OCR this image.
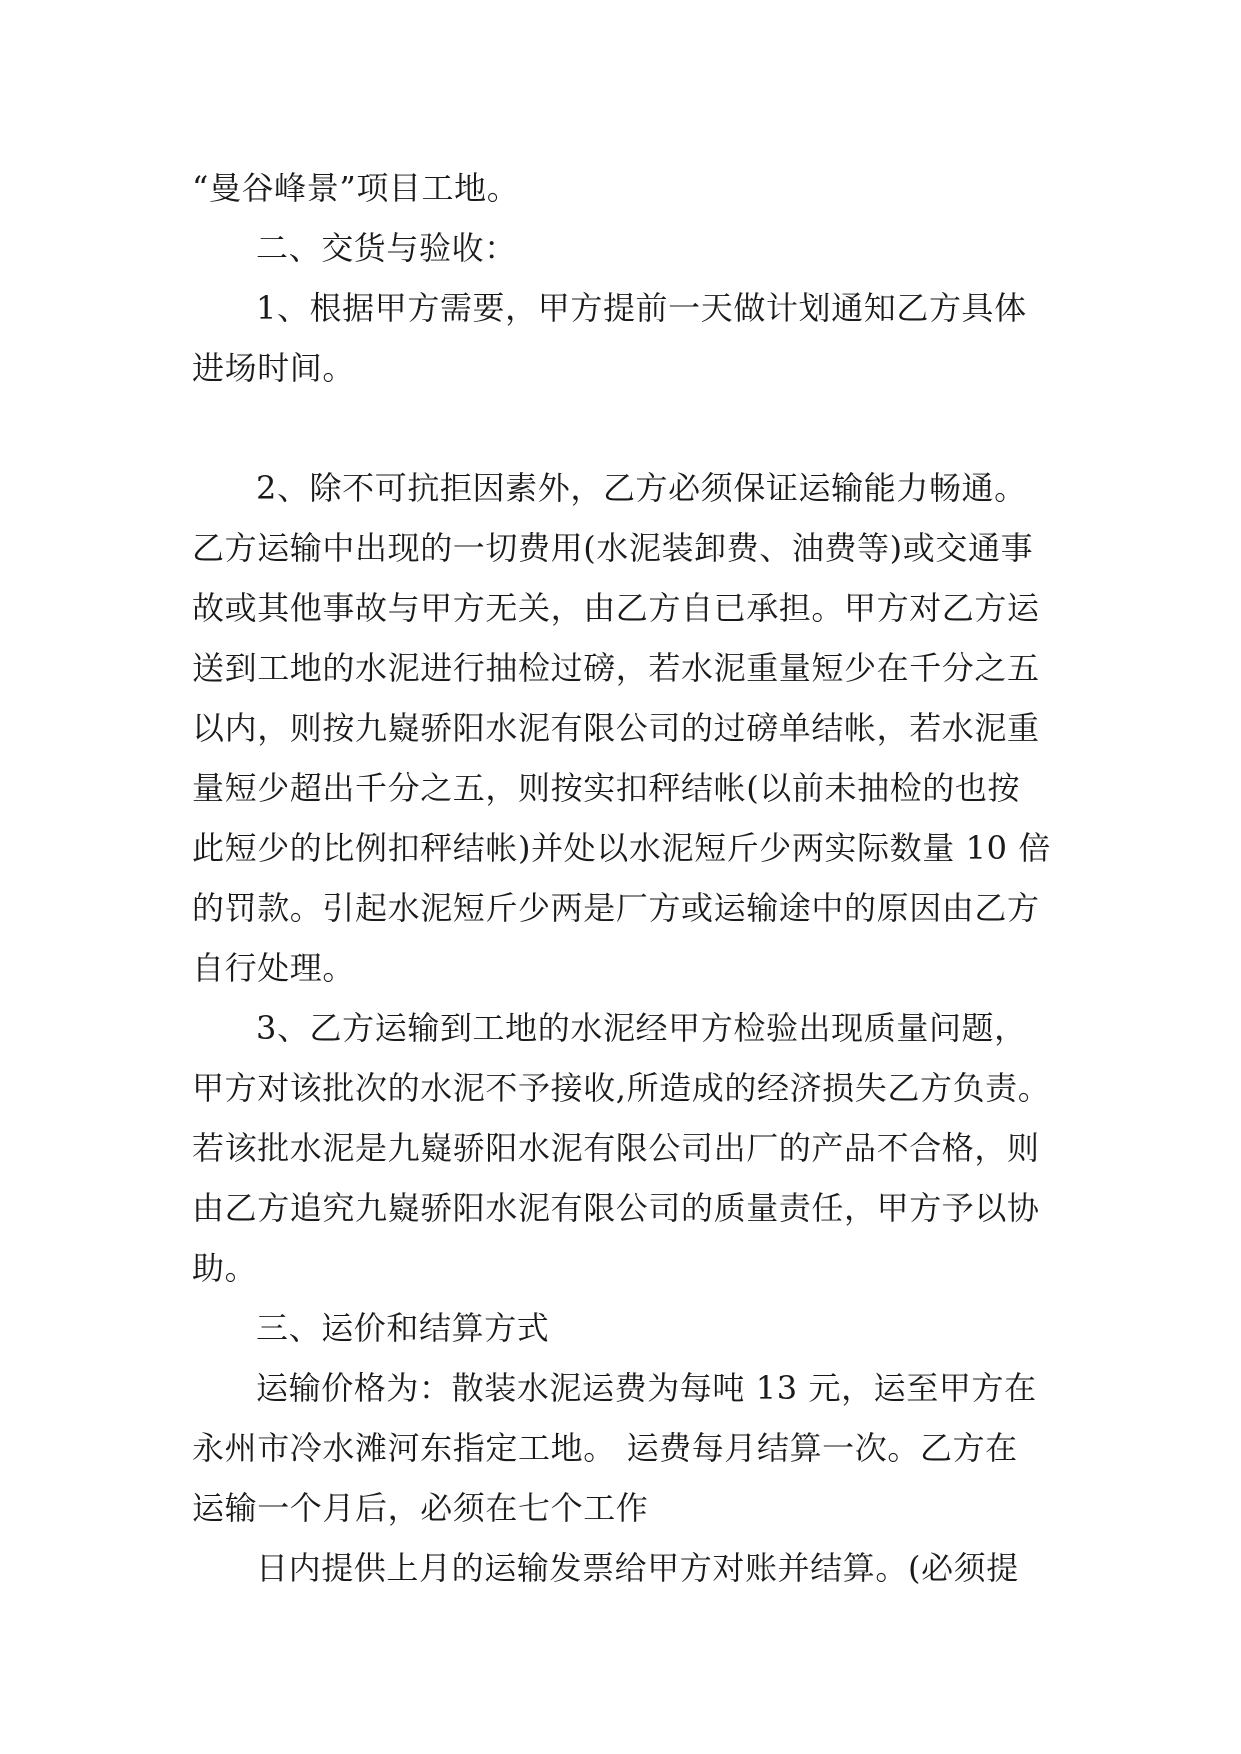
“曼谷峰景”项目工地。

二、交货与验收：

1、根据甲方需要，甲方提前一天做计划通知乙方具体

进场时间。

2、除不可抗拒因素外，乙方必须保证运输能力畅通。

乙方运输中出现的一切费用(水泥装卸费、油费等)或交通事

故或其他事故与甲方无关，由乙方自已承担。甲方对乙方运

送到工地的水泥进行抽检过磅，若水泥重量短少在千分之五

以内，则按九嶷骄阳水泥有限公司的过磅单结帐，若水泥重

量短少超出千分之五，则按实扣秤结帐(以前未抽检的也按

此短少的比例扣秤结帐)并处以水泥短斤少两实际数量 10 倍

的罚款。引起水泥短斤少两是厂方或运输途中的原因由乙方

自行处理。

3、乙方运输到工地的水泥经甲方检验出现质量问题，

甲方对该批次的水泥不予接收,所造成的经济损失乙方负责。

若该批水泥是九嶷骄阳水泥有限公司出厂的产品不合格，则

由乙方追究九嶷骄阳水泥有限公司的质量责任，甲方予以协

助。

三、运价和结算方式

运输价格为：散装水泥运费为每吨 13 元，运至甲方在

永州市冷水滩河东指定工地。 运费每月结算一次。乙方在

运输一个月后，必须在七个工作

日内提供上月的运输发票给甲方对账并结算。(必须提
